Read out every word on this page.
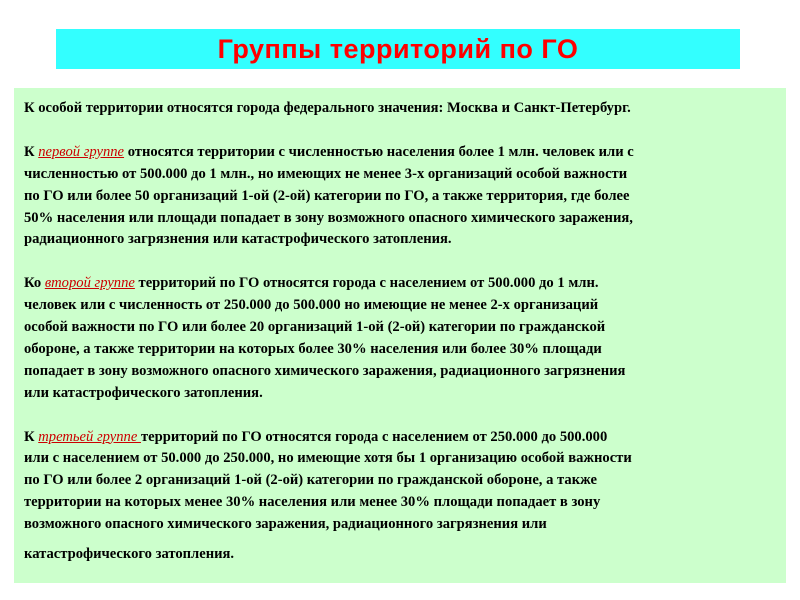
Группы территорий по ГО

К особой территории относятся города федерального значения: Москва и Санкт-Петербург.

К первой группе относятся территории с численностью населения более 1 млн. человек или с
численностью от 500.000 до 1 млн., но имеющих не менее 3-х организаций особой важности
по ГО или более 50 организаций 1-ой (2-ой) категории по ГО, а также территория, где более
50% населения или площади попадает в зону возможного опасного химического заражения,
радиационного загрязнения или катастрофического затопления.

Ко второй группе территорий по ГО относятся города с населением от 500.000 до 1 млн.
человек или с численность от 250.000 до 500.000 но имеющие не менее 2-х организаций
особой важности по ГО или более 20 организаций 1-ой (2-ой) категории по гражданской
обороне, а также территории на которых более 30% населения или более 30% площади
попадает в зону возможного опасного химического заражения, радиационного загрязнения
или катастрофического затопления.

К третьей группе территорий по ГО относятся города с населением от 250.000 до 500.000
или с населением от 50.000 до 250.000, но имеющие хотя бы 1 организацию особой важности
по ГО или более 2 организаций 1-ой (2-ой) категории по гражданской обороне, а также
территории на которых менее 30% населения или менее 30% площади попадает в зону
возможного опасного химического заражения, радиационного загрязнения или

катастрофического затопления.
